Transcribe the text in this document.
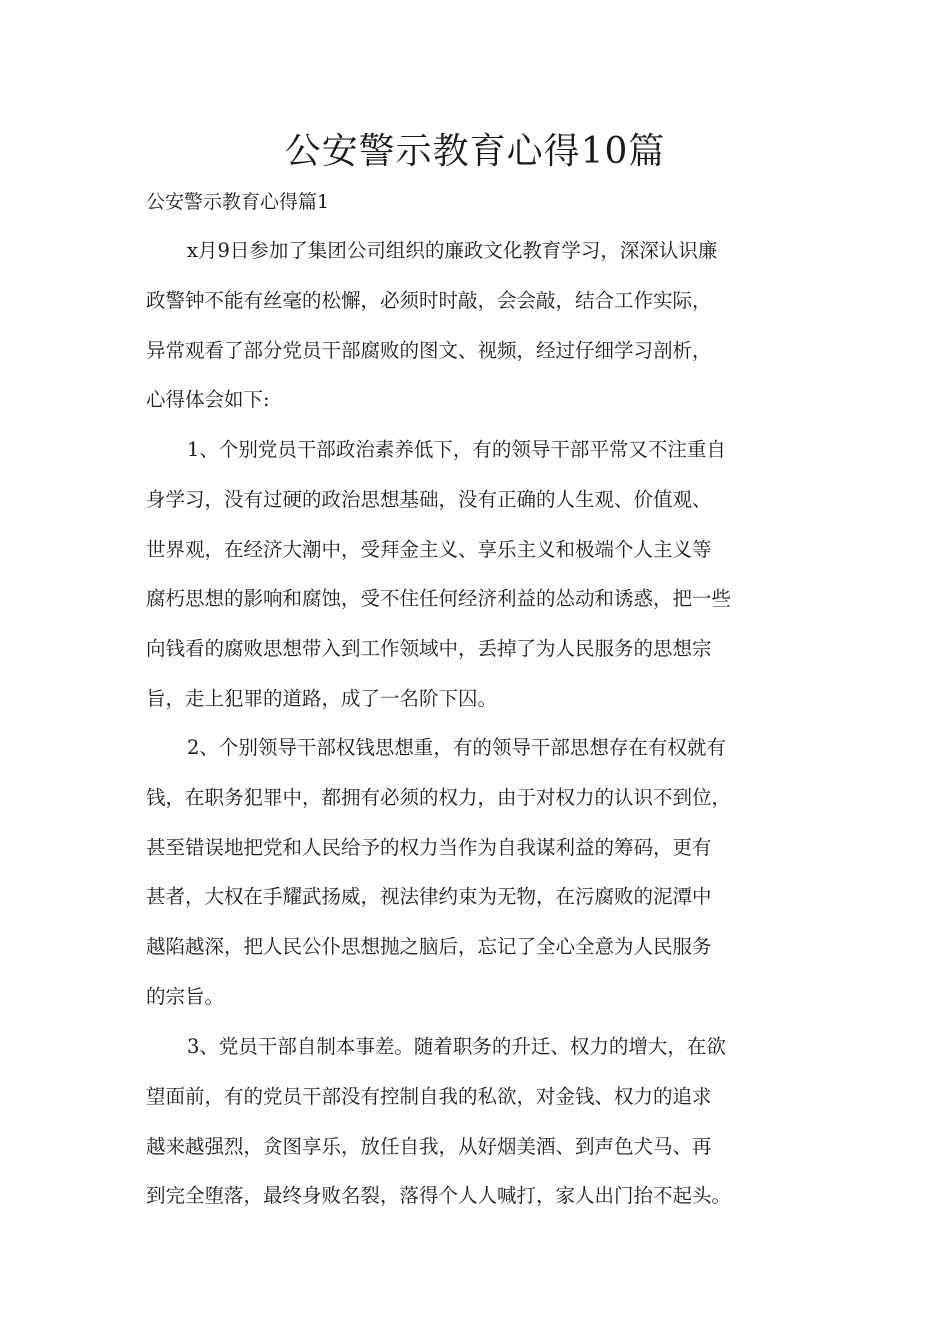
公安警示教育心得10篇

公安警示教育心得篇1

x月9日参加了集团公司组织的廉政文化教育学习，深深认识廉
政警钟不能有丝毫的松懈，必须时时敲，会会敲，结合工作实际，
异常观看了部分党员干部腐败的图文、视频，经过仔细学习剖析，
心得体会如下:
1、个别党员干部政治素养低下，有的领导干部平常又不注重自
身学习，没有过硬的政治思想基础，没有正确的人生观、价值观、
世界观，在经济大潮中，受拜金主义、享乐主义和极端个人主义等
腐朽思想的影响和腐蚀，受不住任何经济利益的怂动和诱惑，把一些
向钱看的腐败思想带入到工作领域中，丢掉了为人民服务的思想宗
旨，走上犯罪的道路，成了一名阶下囚。
2、个别领导干部权钱思想重，有的领导干部思想存在有权就有
钱，在职务犯罪中，都拥有必须的权力，由于对权力的认识不到位，
甚至错误地把党和人民给予的权力当作为自我谋利益的筹码，更有
甚者，大权在手耀武扬威，视法律约束为无物，在污腐败的泥潭中
越陷越深，把人民公仆思想抛之脑后，忘记了全心全意为人民服务
的宗旨。
3、党员干部自制本事差。随着职务的升迁、权力的增大，在欲
望面前，有的党员干部没有控制自我的私欲，对金钱、权力的追求
越来越强烈，贪图享乐，放任自我，从好烟美酒、到声色犬马、再
到完全堕落，最终身败名裂，落得个人人喊打，家人出门抬不起头。
